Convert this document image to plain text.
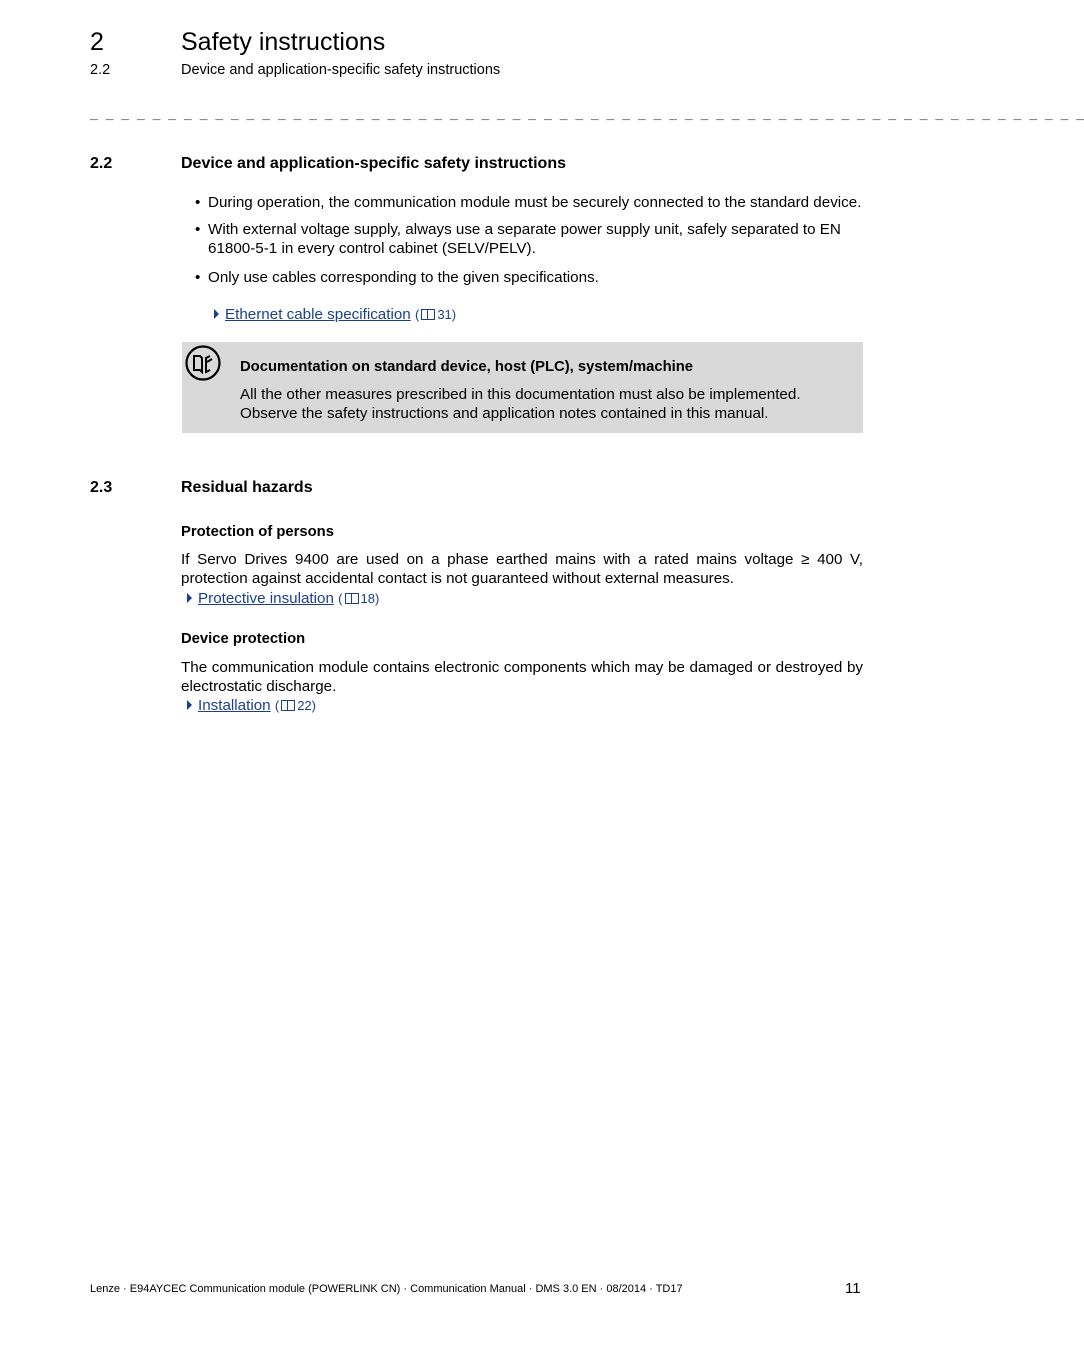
2	Safety instructions
2.2	Device and application-specific safety instructions
_ _ _ _ _ _ _ _ _ _ _ _ _ _ _ _ _ _ _ _ _ _ _ _ _ _ _ _ _ _ _ _ _ _ _ _ _ _ _ _ _ _ _ _ _ _ _ _ _ _ _ _ _ _ _ _ _ _ _ _ _ _ _ _
2.2	Device and application-specific safety instructions
• During operation, the communication module must be securely connected to the standard device.
• With external voltage supply, always use a separate power supply unit, safely separated to EN 61800-5-1 in every control cabinet (SELV/PELV).
• Only use cables corresponding to the given specifications.
Ethernet cable specification ( 31)
Documentation on standard device, host (PLC), system/machine
All the other measures prescribed in this documentation must also be implemented.
Observe the safety instructions and application notes contained in this manual.
2.3	Residual hazards
Protection of persons
If Servo Drives 9400 are used on a phase earthed mains with a rated mains voltage ≥ 400 V, protection against accidental contact is not guaranteed without external measures.
Protective insulation ( 18)
Device protection
The communication module contains electronic components which may be damaged or destroyed by electrostatic discharge.
Installation ( 22)
Lenze · E94AYCEC Communication module (POWERLINK CN) · Communication Manual · DMS 3.0 EN · 08/2014 · TD17	11
